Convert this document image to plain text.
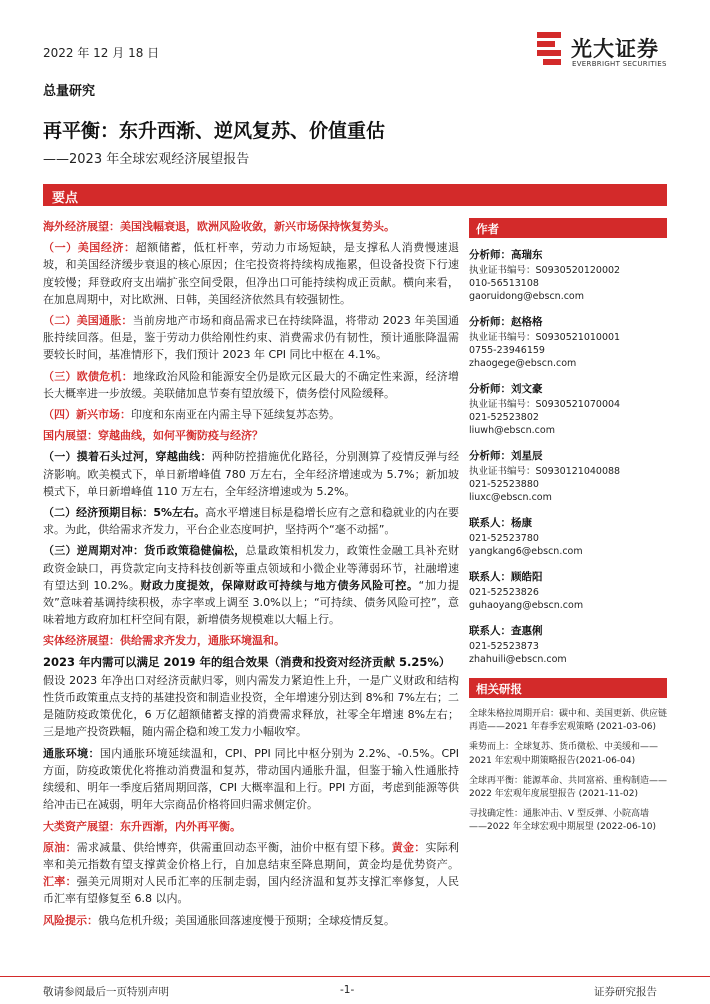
2022 年 12 月 18 日	光大证券
EVERBRIGHT SECURITIES
总量研究
再平衡：东升西渐、逆风复苏、价值重估
——2023 年全球宏观经济展望报告
要点

海外经济展望：美国浅幅衰退，欧洲风险收敛，新兴市场保持恢复势头。

（一）美国经济：超额储蓄，低杠杆率，劳动力市场短缺，是支撑私人消费慢速退坡，和美国经济缓步衰退的核心原因；住宅投资将持续构成拖累，但设备投资下行速度较慢；拜登政府支出端扩张空间受限，但净出口可能持续构成正贡献。横向来看，在加息周期中，对比欧洲、日韩，美国经济依然具有较强韧性。

（二）美国通胀：当前房地产市场和商品需求已在持续降温，将带动 2023 年美国通胀持续回落。但是，鉴于劳动力供给刚性约束、消费需求仍有韧性，预计通胀降温需要较长时间，基准情形下，我们预计 2023 年 CPI 同比中枢在 4.1%。

（三）欧债危机：地缘政治风险和能源安全仍是欧元区最大的不确定性来源，经济增长大概率进一步放缓。美联储加息节奏有望放缓下，债务偿付风险缓释。

（四）新兴市场：印度和东南亚在内需主导下延续复苏态势。

国内展望：穿越曲线，如何平衡防疫与经济？

（一）摸着石头过河，穿越曲线：两种防控措施优化路径，分别测算了疫情反弹与经济影响。欧美模式下，单日新增峰值 780 万左右，全年经济增速或为 5.7%；新加坡模式下，单日新增峰值 110 万左右，全年经济增速或为 5.2%。

（二）经济预期目标：5%左右。高水平增速目标是稳增长应有之意和稳就业的内在要求。为此，供给需求齐发力，平台企业态度呵护，坚持两个“毫不动摇”。

（三）逆周期对冲：货币政策稳健偏松，总量政策相机发力，政策性金融工具补充财政资金缺口，再贷款定向支持科技创新等重点领域和小微企业等薄弱环节，社融增速有望达到 10.2%。财政力度提效，保障财政可持续与地方债务风险可控。“加力提效”意味着基调持续积极，赤字率或上调至 3.0%以上；“可持续、债务风险可控”，意味着地方政府加杠杆空间有限，新增债务规模难以大幅上行。

实体经济展望：供给需求齐发力，通胀环境温和。

2023 年内需可以满足 2019 年的组合效果（消费和投资对经济贡献 5.25%）

假设 2023 年净出口对经济贡献归零，则内需发力紧迫性上升，一是广义财政和结构性货币政策重点支持的基建投资和制造业投资，全年增速分别达到 8%和 7%左右；二是随防疫政策优化，6 万亿超额储蓄支撑的消费需求释放，社零全年增速 8%左右；三是地产投资跌幅，随内需企稳和竣工发力小幅收窄。

通胀环境：国内通胀环境延续温和，CPI、PPI 同比中枢分别为 2.2%、-0.5%。CPI 方面，防疫政策优化将推动消费温和复苏，带动国内通胀升温，但鉴于输入性通胀持续缓和、明年一季度后猪周期回落，CPI 大概率温和上行。PPI 方面，考虑到能源等供给冲击已在减弱，明年大宗商品价格将回归需求侧定价。

大类资产展望：东升西渐，内外再平衡。

原油：需求减量、供给博弈，供需重回动态平衡，油价中枢有望下移。黄金：实际利率和美元指数有望支撑黄金价格上行，自加息结束至降息期间，黄金均是优势资产。汇率：强美元周期对人民币汇率的压制走弱，国内经济温和复苏支撑汇率修复，人民币汇率有望修复至 6.8 以内。

风险提示：俄乌危机升级；美国通胀回落速度慢于预期；全球疫情反复。

作者
分析师：高瑞东
执业证书编号：S0930520120002
010-56513108
gaoruidong@ebscn.com
分析师：赵格格
执业证书编号：S0930521010001
0755-23946159
zhaogege@ebscn.com
分析师：刘文豪
执业证书编号：S0930521070004
021-52523802
liuwh@ebscn.com
分析师：刘星辰
执业证书编号：S0930121040088
021-52523880
liuxc@ebscn.com
联系人：杨康
021-52523780
yangkang6@ebscn.com
联系人：顾皓阳
021-52523826
guhaoyang@ebscn.com
联系人：查惠俐
021-52523873
zhahuili@ebscn.com
相关研报
全球朱格拉周期开启：碳中和、美国更新、供应链再造——2021 年春季宏观策略 (2021-03-06)
乘势而上：全球复苏、货币微松、中美缓和——2021 年宏观中期策略报告(2021-06-04)
全球再平衡：能源革命、共同富裕、重构制造——2022 年宏观年度展望报告 (2021-11-02)
寻找确定性：通胀冲击、V 型反弹、小院高墙——2022 年全球宏观中期展望 (2022-06-10)
敬请参阅最后一页特别声明	-1-	证券研究报告
